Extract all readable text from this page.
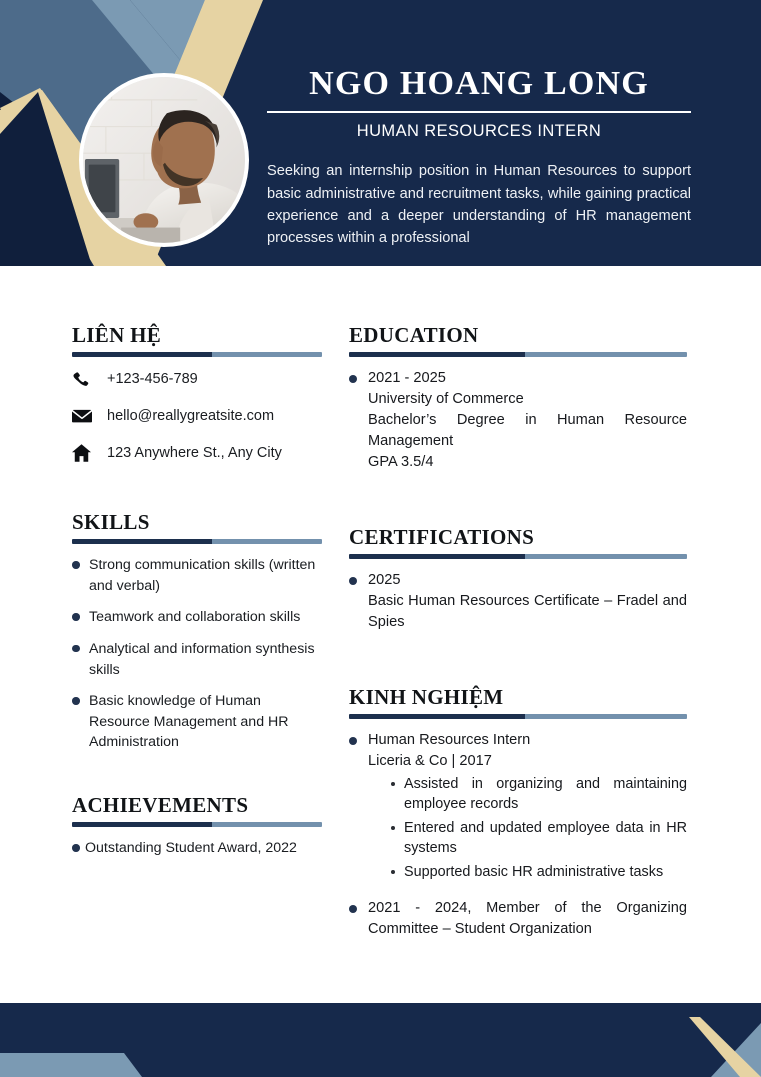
NGO HOANG LONG
HUMAN RESOURCES INTERN
Seeking an internship position in Human Resources to support basic administrative and recruitment tasks, while gaining practical experience and a deeper understanding of HR management processes within a professional
LIÊN HỆ
+123-456-789
hello@reallygreatsite.com
123 Anywhere St., Any City
SKILLS
Strong communication skills (written and verbal)
Teamwork and collaboration skills
Analytical and information synthesis skills
Basic knowledge of Human Resource Management and HR Administration
ACHIEVEMENTS
Outstanding Student Award, 2022
EDUCATION
2021 - 2025
University of Commerce
Bachelor’s Degree in Human Resource Management
GPA 3.5/4
CERTIFICATIONS
2025
Basic Human Resources Certificate – Fradel and Spies
KINH NGHIỆM
Human Resources Intern
Liceria & Co | 2017
Assisted in organizing and maintaining employee records
Entered and updated employee data in HR systems
Supported basic HR administrative tasks
2021 - 2024, Member of the Organizing Committee – Student Organization
